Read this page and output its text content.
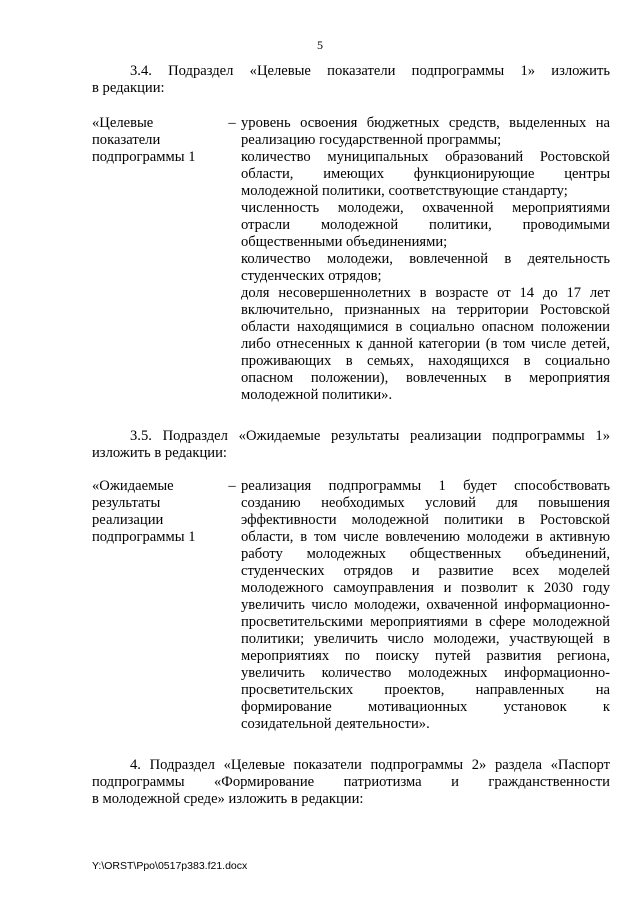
5
3.4. Подраздел «Целевые показатели подпрограммы 1» изложить
в редакции:
«Целевые
показатели
подпрограммы 1
– уровень освоения бюджетных средств, выделенных на
реализацию государственной программы;
количество муниципальных образований Ростовской
области, имеющих функционирующие центры
молодежной политики, соответствующие стандарту;
численность молодежи, охваченной мероприятиями
отрасли молодежной политики, проводимыми
общественными объединениями;
количество молодежи, вовлеченной в деятельность
студенческих отрядов;
доля несовершеннолетних в возрасте от 14 до 17 лет
включительно, признанных на территории Ростовской
области находящимися в социально опасном положении
либо отнесенных к данной категории (в том числе детей,
проживающих в семьях, находящихся в социально
опасном положении), вовлеченных в мероприятия
молодежной политики».
3.5. Подраздел «Ожидаемые результаты реализации подпрограммы 1»
изложить в редакции:
«Ожидаемые
результаты
реализации
подпрограммы 1
– реализация подпрограммы 1 будет способствовать
созданию необходимых условий для повышения
эффективности молодежной политики в Ростовской
области, в том числе вовлечению молодежи в активную
работу молодежных общественных объединений,
студенческих отрядов и развитие всех моделей
молодежного самоуправления и позволит к 2030 году
увеличить число молодежи, охваченной информационно-
просветительскими мероприятиями в сфере молодежной
политики; увеличить число молодежи, участвующей в
мероприятиях по поиску путей развития региона,
увеличить количество молодежных информационно-
просветительских проектов, направленных на
формирование мотивационных установок к
созидательной деятельности».
4. Подраздел «Целевые показатели подпрограммы 2» раздела «Паспорт
подпрограммы «Формирование патриотизма и гражданственности
в молодежной среде» изложить в редакции:
Y:\ORST\Ppo\0517p383.f21.docx
